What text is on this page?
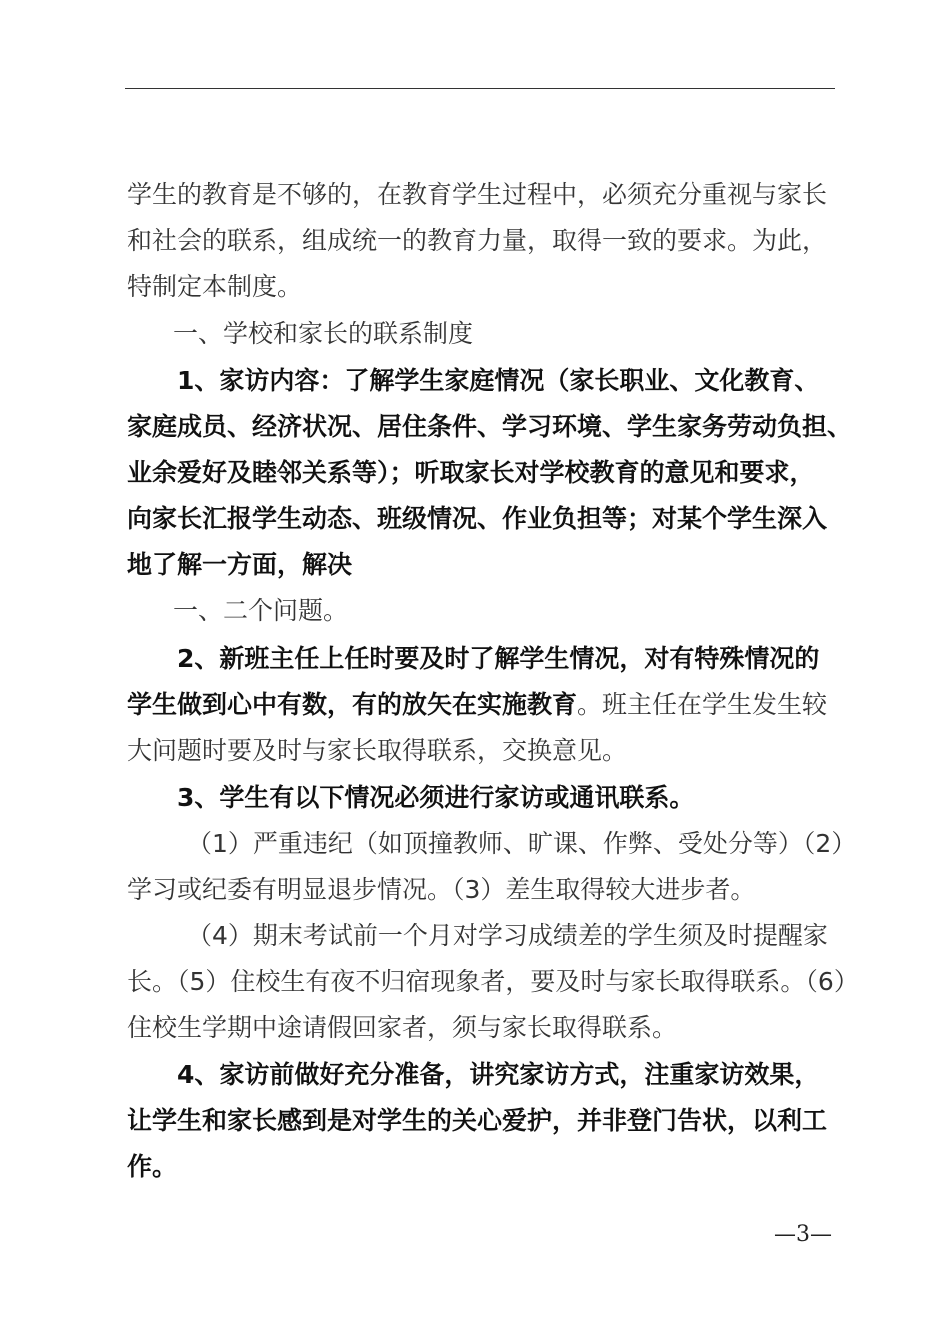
学生的教育是不够的，在教育学生过程中，必须充分重视与家长
和社会的联系，组成统一的教育力量，取得一致的要求。为此，
特制定本制度。
一、学校和家长的联系制度
1、家访内容：了解学生家庭情况（家长职业、文化教育、
家庭成员、经济状况、居住条件、学习环境、学生家务劳动负担、
业余爱好及睦邻关系等）；听取家长对学校教育的意见和要求，
向家长汇报学生动态、班级情况、作业负担等；对某个学生深入
地了解一方面，解决
一、二个问题。
2、新班主任上任时要及时了解学生情况，对有特殊情况的
学生做到心中有数，有的放矢在实施教育。班主任在学生发生较
大问题时要及时与家长取得联系，交换意见。
3、学生有以下情况必须进行家访或通讯联系。
（1）严重违纪（如顶撞教师、旷课、作弊、受处分等）（2）
学习或纪委有明显退步情况。（3）差生取得较大进步者。
（4）期末考试前一个月对学习成绩差的学生须及时提醒家
长。（5）住校生有夜不归宿现象者，要及时与家长取得联系。（6）
住校生学期中途请假回家者，须与家长取得联系。
4、家访前做好充分准备，讲究家访方式，注重家访效果，
让学生和家长感到是对学生的关心爱护，并非登门告状，以利工
作。
—3—
